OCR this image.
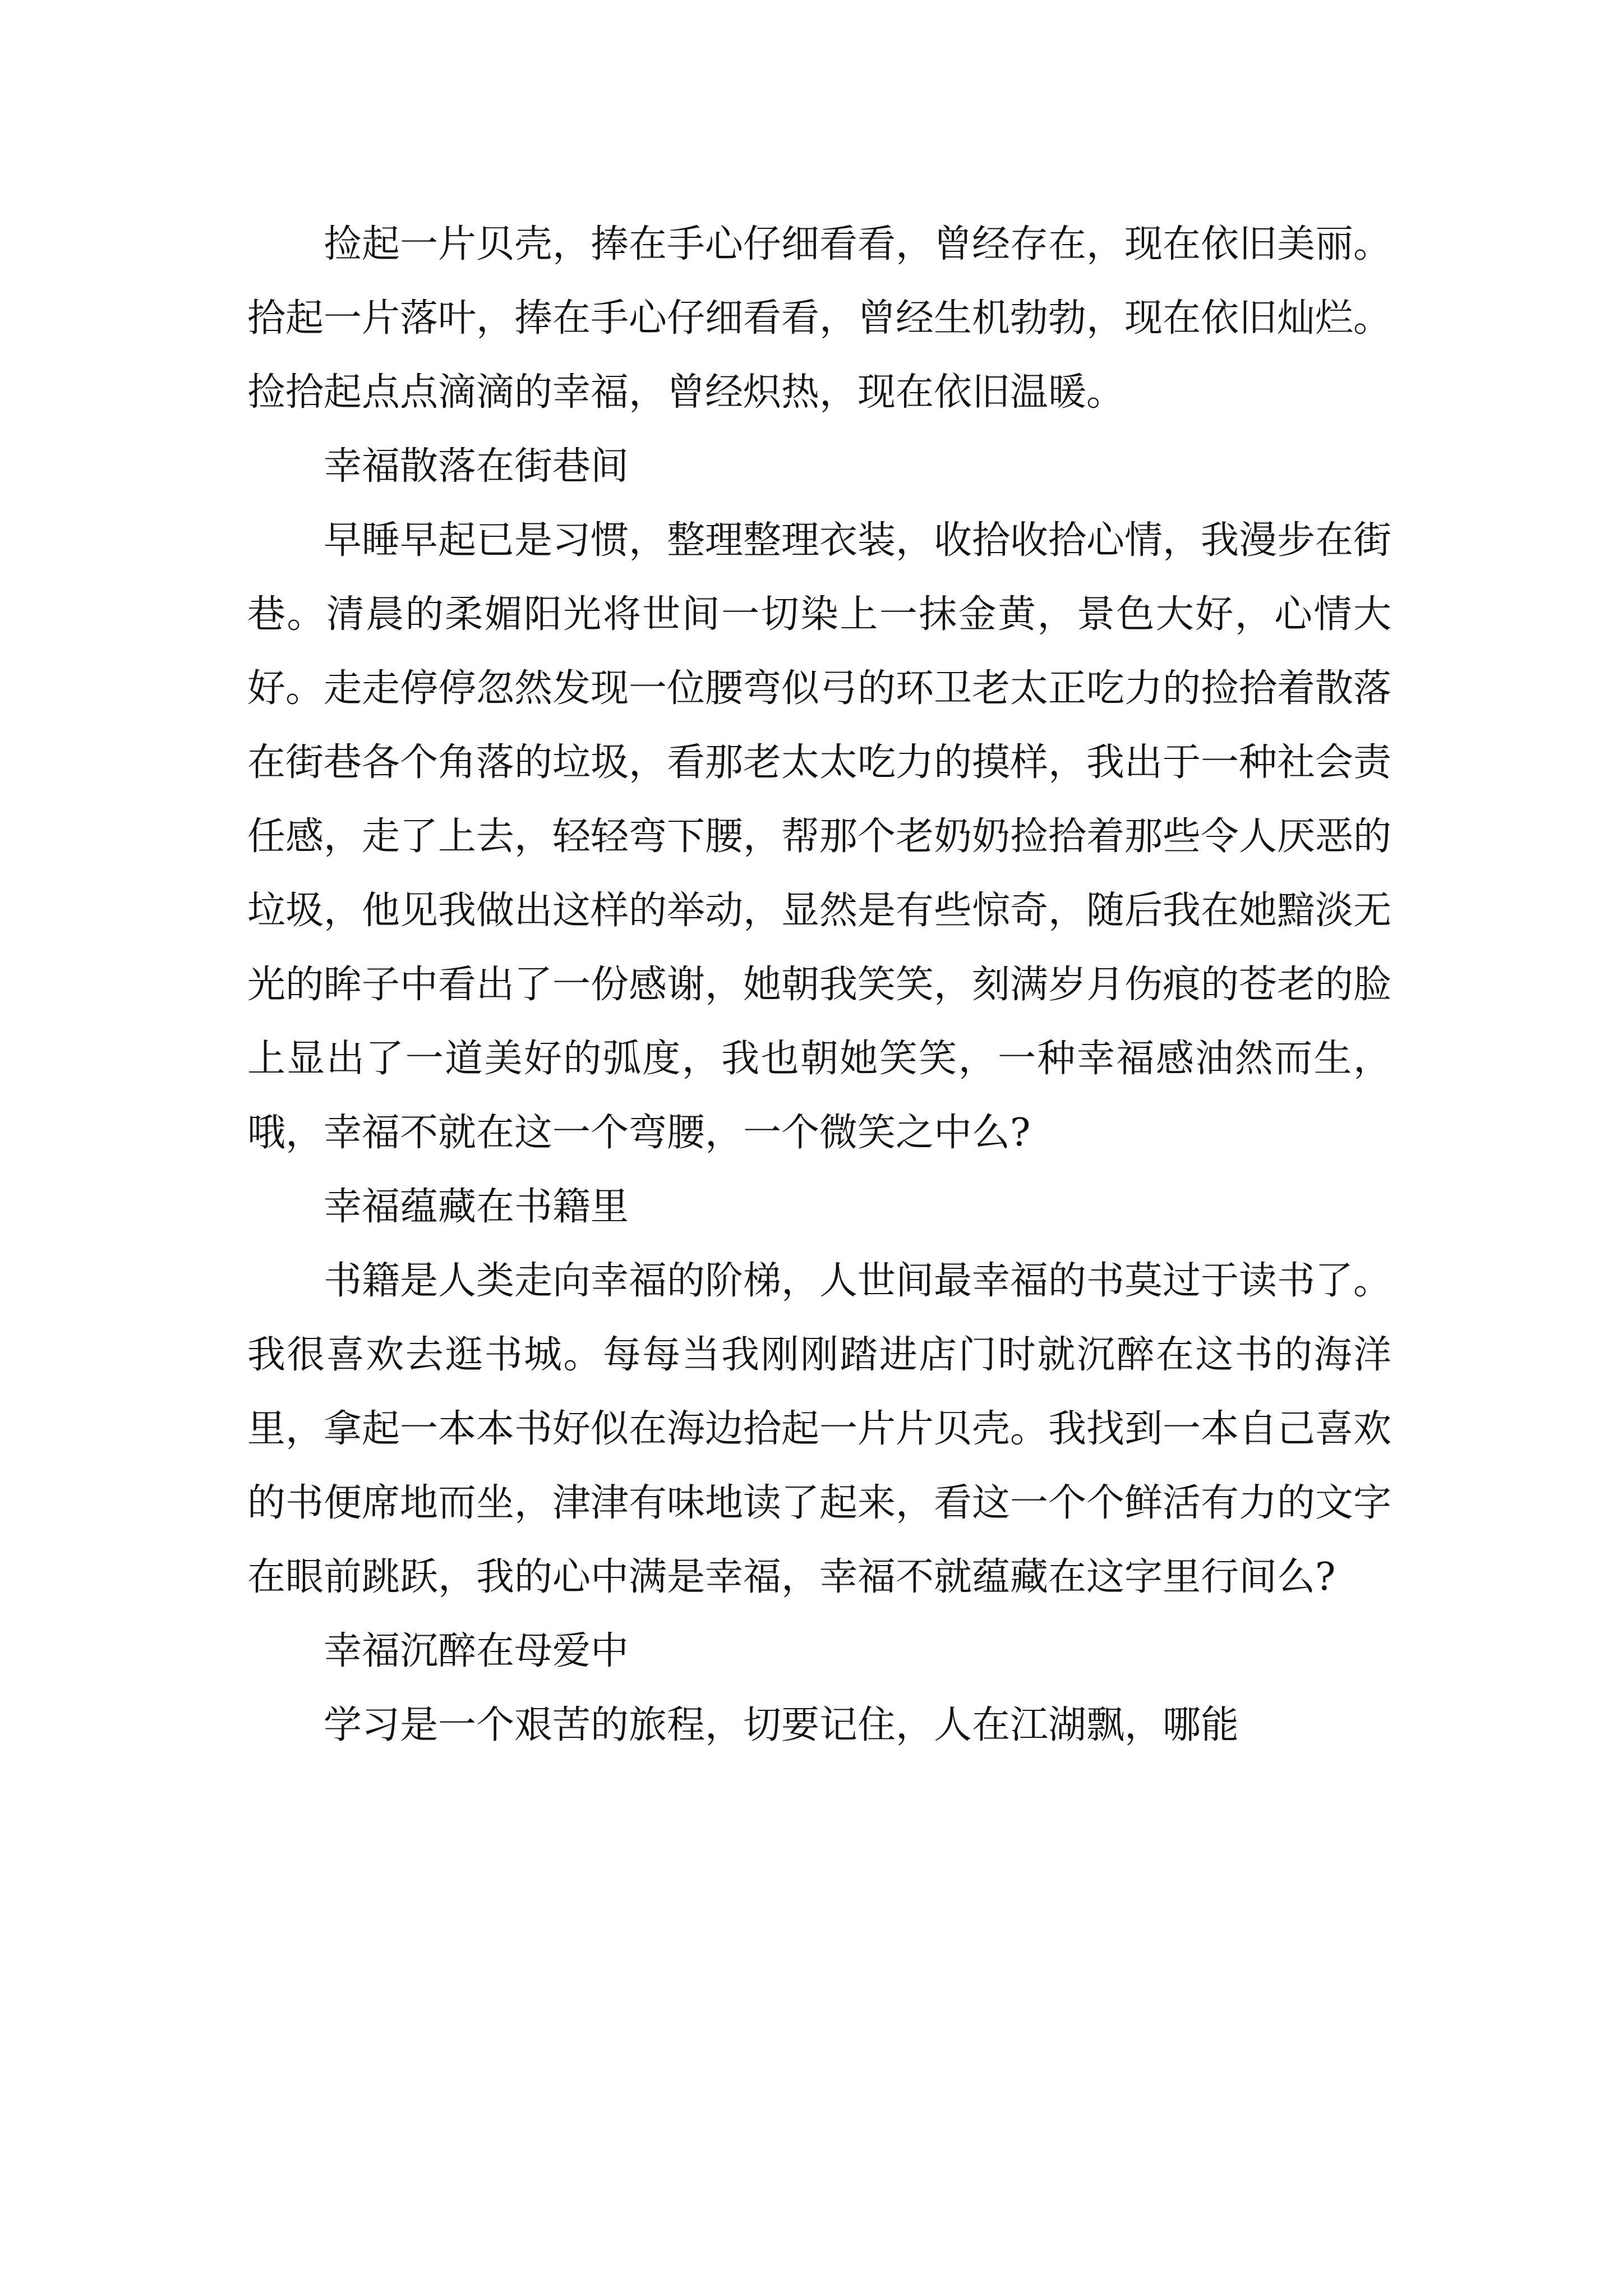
捡起一片贝壳，捧在手心仔细看看，曾经存在，现在依旧美丽。拾起一片落叶，捧在手心仔细看看，曾经生机勃勃，现在依旧灿烂。捡拾起点点滴滴的幸福，曾经炽热，现在依旧温暖。

幸福散落在街巷间

早睡早起已是习惯，整理整理衣装，收拾收拾心情，我漫步在街巷。清晨的柔媚阳光将世间一切染上一抹金黄，景色大好，心情大好。走走停停忽然发现一位腰弯似弓的环卫老太正吃力的捡拾着散落在街巷各个角落的垃圾，看那老太太吃力的摸样，我出于一种社会责任感，走了上去，轻轻弯下腰，帮那个老奶奶捡拾着那些令人厌恶的垃圾，他见我做出这样的举动，显然是有些惊奇，随后我在她黯淡无光的眸子中看出了一份感谢，她朝我笑笑，刻满岁月伤痕的苍老的脸上显出了一道美好的弧度，我也朝她笑笑，一种幸福感油然而生，哦，幸福不就在这一个弯腰，一个微笑之中么?

幸福蕴藏在书籍里

书籍是人类走向幸福的阶梯，人世间最幸福的书莫过于读书了。我很喜欢去逛书城。每每当我刚刚踏进店门时就沉醉在这书的海洋里，拿起一本本书好似在海边拾起一片片贝壳。我找到一本自己喜欢的书便席地而坐，津津有味地读了起来，看这一个个鲜活有力的文字在眼前跳跃，我的心中满是幸福，幸福不就蕴藏在这字里行间么?

幸福沉醉在母爱中

学习是一个艰苦的旅程，切要记住，人在江湖飘，哪能
